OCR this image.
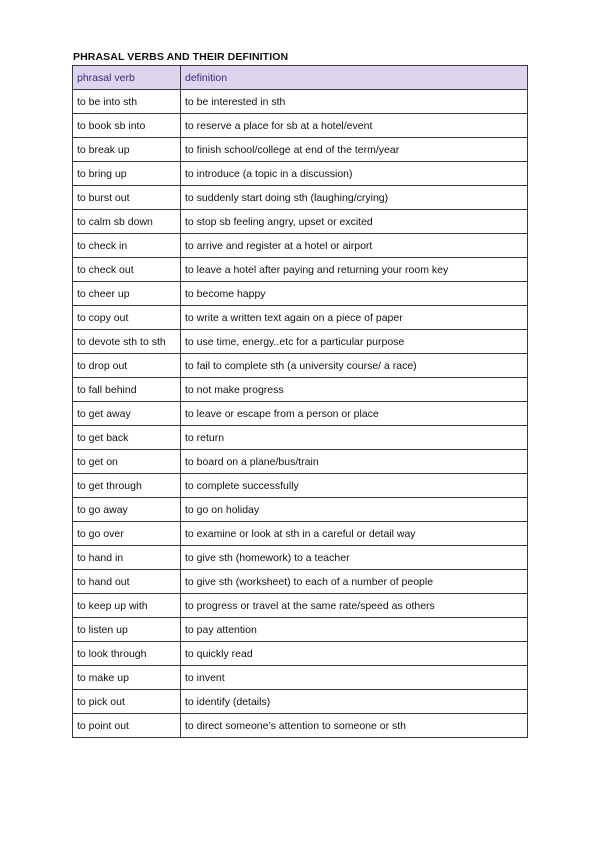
PHRASAL VERBS AND THEIR DEFINITION
phrasal verb	definition
to be into sth	to be interested in sth
to book sb into	to reserve a place for sb at a hotel/event
to break up	to finish school/college at end of the term/year
to bring up	to introduce (a topic in a discussion)
to burst out	to suddenly start doing sth (laughing/crying)
to calm sb down	to stop sb feeling angry, upset or excited
to check in	to arrive and register at a hotel or airport
to check out	to leave a hotel after paying and returning your room key
to cheer up	to become happy
to copy out	to write a written text again on a piece of paper
to devote sth to sth	to use time, energy..etc for a particular purpose
to drop out	to fail to complete sth (a university course/ a race)
to fall behind	to not make progress
to get away	to leave or escape from a person or place
to get back	to return
to get on	to board on a plane/bus/train
to get through	to complete successfully
to go away	to go on holiday
to go over	to examine or look at sth in a careful or detail way
to hand in	to give sth (homework) to a teacher
to hand out	to give sth (worksheet) to each of a number of people
to keep up with	to progress or travel at the same rate/speed as others
to listen up	to pay attention
to look through	to quickly read
to make up	to invent
to pick out	to identify (details)
to point out	to direct someone’s attention to someone or sth
